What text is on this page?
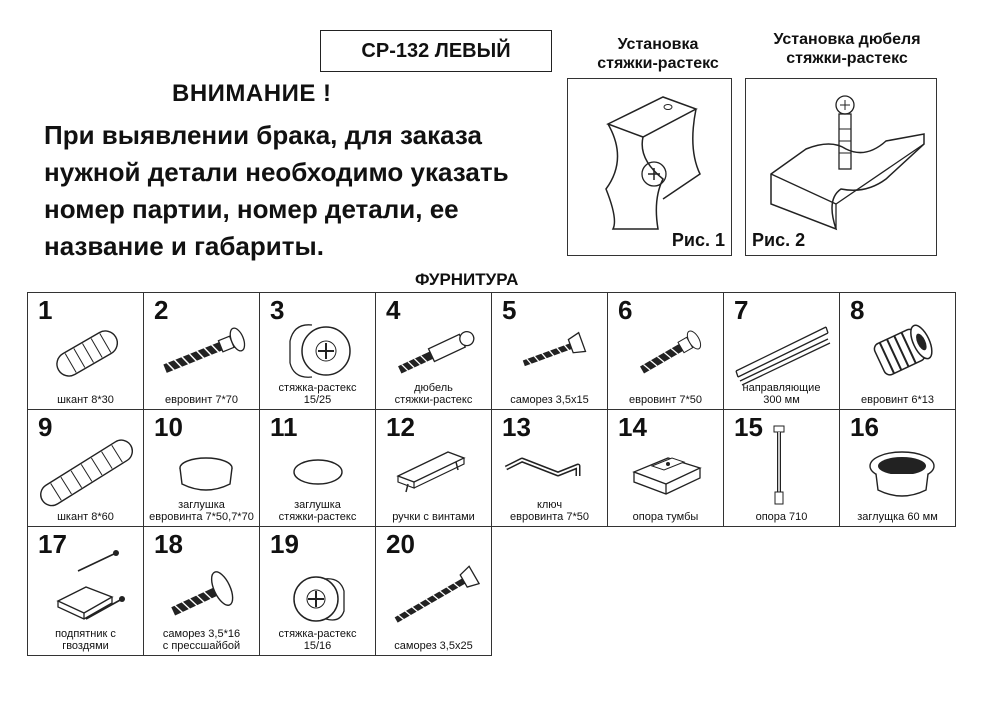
СР-132 ЛЕВЫЙ
ВНИМАНИЕ !
При выявлении брака, для заказа
нужной детали необходимо указать
номер партии, номер детали, ее
название и габариты.
Установка
стяжки-растекс
Рис. 1
Установка дюбеля
стяжки-растекс
Рис. 2
ФУРНИТУРА
1
шкант 8*30
2
евровинт 7*70
3
стяжка-растекс
15/25
4
дюбель
стяжки-растекс
5
саморез 3,5х15
6
евровинт 7*50
7
направляющие
300 мм
8
евровинт 6*13
9
шкант 8*60
10
заглушка
евровинта 7*50,7*70
11
заглушка
стяжки-растекс
12
ручки с винтами
13
ключ
евровинта 7*50
14
опора тумбы
15
опора 710
16
заглущка 60 мм
17
подпятник с
гвоздями
18
саморез 3,5*16
с прессшайбой
19
стяжка-растекс
15/16
20
саморез 3,5х25
